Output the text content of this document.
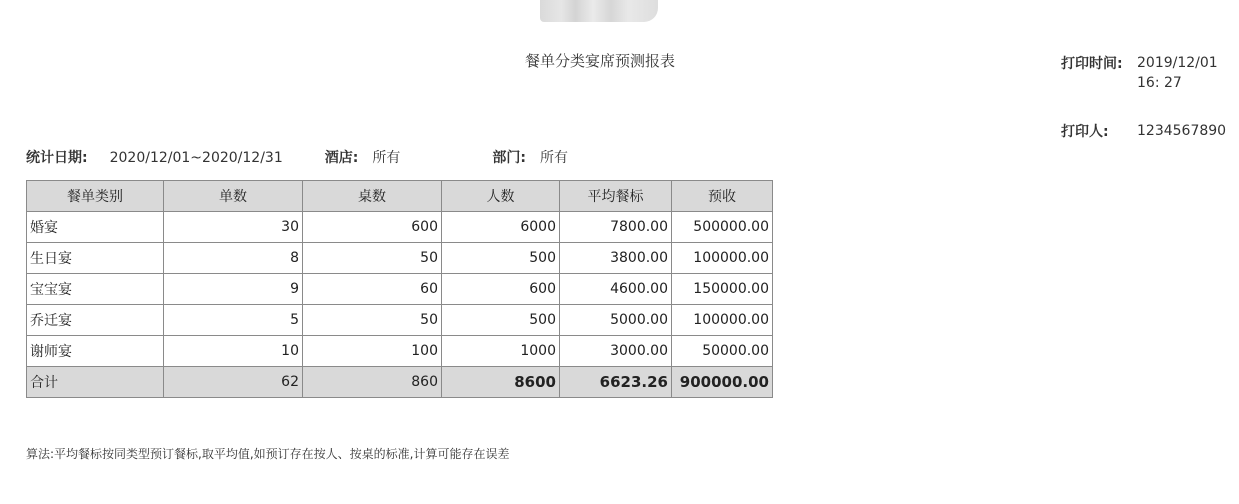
餐单分类宴席预测报表	打印时间: 2019/12/01 16: 27
打印人: 1234567890
统计日期: 2020/12/01~2020/12/31	酒店: 所有	部门: 所有
餐单类别	单数	桌数	人数	平均餐标	预收
婚宴	30	600	6000	7800.00	500000.00
生日宴	8	50	500	3800.00	100000.00
宝宝宴	9	60	600	4600.00	150000.00
乔迁宴	5	50	500	5000.00	100000.00
谢师宴	10	100	1000	3000.00	50000.00
合计	62	860	8600	6623.26	900000.00
算法:平均餐标按同类型预订餐标,取平均值,如预订存在按人、按桌的标准,计算可能存在误差
